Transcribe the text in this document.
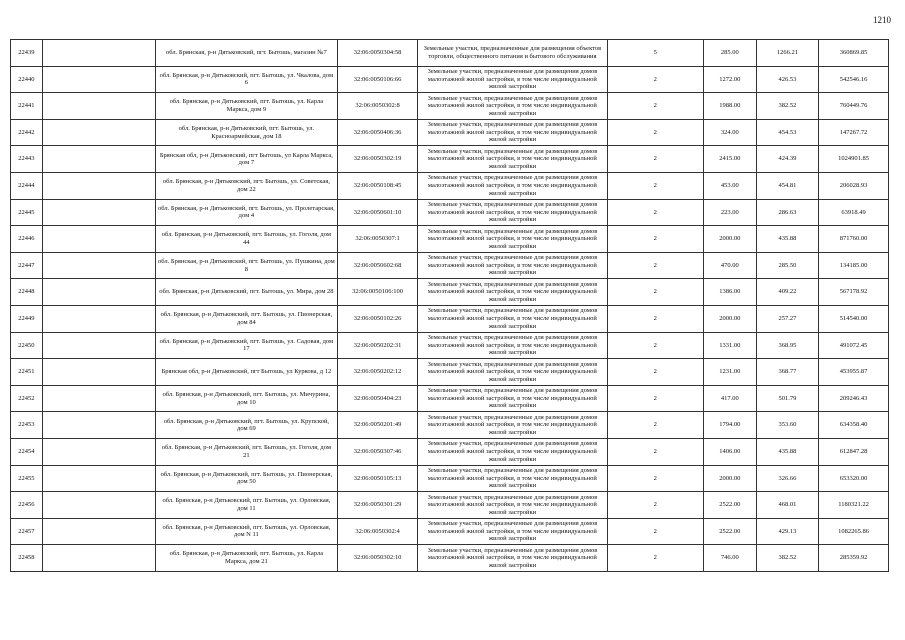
1210
22439		обл. Брянская, р-н Дятьковский, пгт. Бытошь, магазин №7	32:06:0050304:58	Земельные участки, предназначенные для размещения объектов торговли, общественного питания и бытового обслуживания	5	285.00	1266.21	360869.85
22440		обл. Брянская, р-н Дятьковский, пгт. Бытошь, ул. Чкалова, дом 6	32:06:0050106:66	Земельные участки, предназначенные для размещения домов малоэтажной жилой застройки, в том числе индивидуальной жилой застройки	2	1272.00	426.53	542546.16
22441		обл. Брянская, р-н Дятьковский, пгт. Бытошь, ул. Карла Маркса, дом 9	32:06:0050302:8	Земельные участки, предназначенные для размещения домов малоэтажной жилой застройки, в том числе индивидуальной жилой застройки	2	1988.00	382.52	760449.76
22442		обл. Брянская, р-н Дятьковский, пгт. Бытошь, ул. Красноармейская, дом 18	32:06:0050406:36	Земельные участки, предназначенные для размещения домов малоэтажной жилой застройки, в том числе индивидуальной жилой застройки	2	324.00	454.53	147267.72
22443		Брянская обл, р-н Дятьковский, пгт Бытошь, ул Карла Маркса, дом 7	32:06:0050302:19	Земельные участки, предназначенные для размещения домов малоэтажной жилой застройки, в том числе индивидуальной жилой застройки	2	2415.00	424.39	1024901.85
22444		обл. Брянская, р-н Дятьковский, пгт. Бытошь, ул. Советская, дом 22	32:06:0050108:45	Земельные участки, предназначенные для размещения домов малоэтажной жилой застройки, в том числе индивидуальной жилой застройки	2	453.00	454.81	206028.93
22445		обл. Брянская, р-н Дятьковский, пгт. Бытошь, ул. Пролетарская, дом 4	32:06:0050601:10	Земельные участки, предназначенные для размещения домов малоэтажной жилой застройки, в том числе индивидуальной жилой застройки	2	223.00	286.63	63918.49
22446		обл. Брянская, р-н Дятьковский, пгт. Бытошь, ул. Гоголя, дом 44	32:06:0050307:1	Земельные участки, предназначенные для размещения домов малоэтажной жилой застройки, в том числе индивидуальной жилой застройки	2	2000.00	435.88	871760.00
22447		обл. Брянская, р-н Дятьковский, пгт. Бытошь, ул. Пушкина, дом 8	32:06:0050602:68	Земельные участки, предназначенные для размещения домов малоэтажной жилой застройки, в том числе индивидуальной жилой застройки	2	470.00	285.50	134185.00
22448		обл. Брянская, р-н Дятьковский, пгт. Бытошь, ул. Мира, дом 28	32:06:0050106:100	Земельные участки, предназначенные для размещения домов малоэтажной жилой застройки, в том числе индивидуальной жилой застройки	2	1386.00	409.22	567178.92
22449		обл. Брянская, р-н Дятьковский, пгт. Бытошь, ул. Пионерская, дом 84	32:06:0050102:26	Земельные участки, предназначенные для размещения домов малоэтажной жилой застройки, в том числе индивидуальной жилой застройки	2	2000.00	257.27	514540.00
22450		обл. Брянская, р-н Дятьковский, пгт. Бытошь, ул. Садовая, дом 17	32:06:0050202:31	Земельные участки, предназначенные для размещения домов малоэтажной жилой застройки, в том числе индивидуальной жилой застройки	2	1331.00	368.95	491072.45
22451		Брянская обл, р-н Дятьковский, пгт Бытошь, ул Куркова, д 12	32:06:0050202:12	Земельные участки, предназначенные для размещения домов малоэтажной жилой застройки, в том числе индивидуальной жилой застройки	2	1231.00	368.77	453955.87
22452		обл. Брянская, р-н Дятьковский, пгт. Бытошь, ул. Мичурина, дом 10	32:06:0050404:23	Земельные участки, предназначенные для размещения домов малоэтажной жилой застройки, в том числе индивидуальной жилой застройки	2	417.00	501.79	209246.43
22453		обл. Брянская, р-н Дятьковский, пгт. Бытошь, ул. Крупской, дом 69	32:06:0050201:49	Земельные участки, предназначенные для размещения домов малоэтажной жилой застройки, в том числе индивидуальной жилой застройки	2	1794.00	353.60	634358.40
22454		обл. Брянская, р-н Дятьковский, пгт. Бытошь, ул. Гоголя, дом 21	32:06:0050307:46	Земельные участки, предназначенные для размещения домов малоэтажной жилой застройки, в том числе индивидуальной жилой застройки	2	1406.00	435.88	612847.28
22455		обл. Брянская, р-н Дятьковский, пгт. Бытошь, ул. Пионерская, дом 50	32:06:0050105:13	Земельные участки, предназначенные для размещения домов малоэтажной жилой застройки, в том числе индивидуальной жилой застройки	2	2000.00	326.66	653320.00
22456		обл. Брянская, р-н Дятьковский, пгт. Бытошь, ул. Орловская, дом 11	32:06:0050301:29	Земельные участки, предназначенные для размещения домов малоэтажной жилой застройки, в том числе индивидуальной жилой застройки	2	2522.00	468.01	1180321.22
22457		обл. Брянская, р-н Дятьковский, пгт. Бытошь, ул. Орловская, дом N 11	32:06:0050302:4	Земельные участки, предназначенные для размещения домов малоэтажной жилой застройки, в том числе индивидуальной жилой застройки	2	2522.00	429.13	1082265.86
22458		обл. Брянская, р-н Дятьковский, пгт. Бытошь, ул. Карла Маркса, дом 21	32:06:0050302:10	Земельные участки, предназначенные для размещения домов малоэтажной жилой застройки, в том числе индивидуальной жилой застройки	2	746.00	382.52	285359.92
